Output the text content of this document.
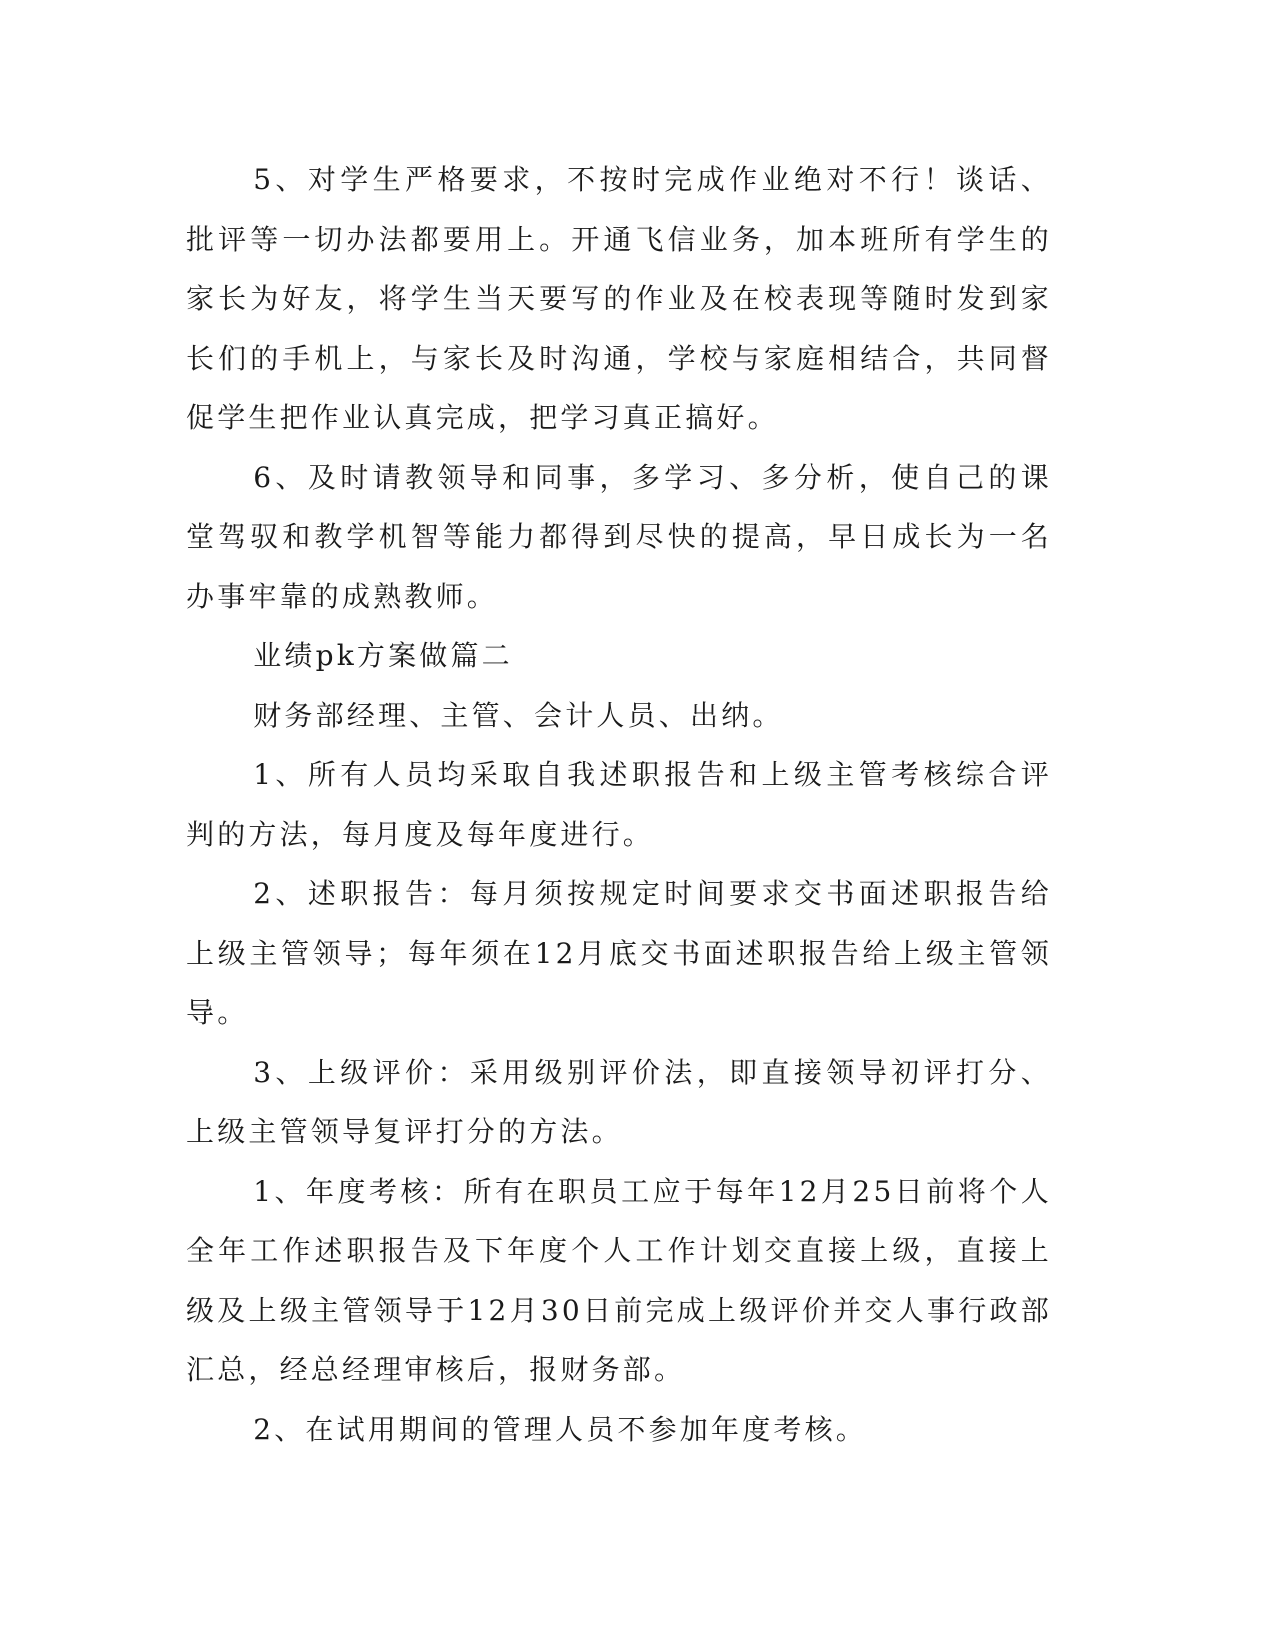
5、对学生严格要求，不按时完成作业绝对不行！谈话、批评等一切办法都要用上。开通飞信业务，加本班所有学生的家长为好友，将学生当天要写的作业及在校表现等随时发到家长们的手机上，与家长及时沟通，学校与家庭相结合，共同督促学生把作业认真完成，把学习真正搞好。

6、及时请教领导和同事，多学习、多分析，使自己的课堂驾驭和教学机智等能力都得到尽快的提高，早日成长为一名办事牢靠的成熟教师。

业绩pk方案做篇二

财务部经理、主管、会计人员、出纳。

1、所有人员均采取自我述职报告和上级主管考核综合评判的方法，每月度及每年度进行。

2、述职报告：每月须按规定时间要求交书面述职报告给上级主管领导；每年须在12月底交书面述职报告给上级主管领导。

3、上级评价：采用级别评价法，即直接领导初评打分、上级主管领导复评打分的方法。

1、年度考核：所有在职员工应于每年12月25日前将个人全年工作述职报告及下年度个人工作计划交直接上级，直接上级及上级主管领导于12月30日前完成上级评价并交人事行政部汇总，经总经理审核后，报财务部。

2、在试用期间的管理人员不参加年度考核。
